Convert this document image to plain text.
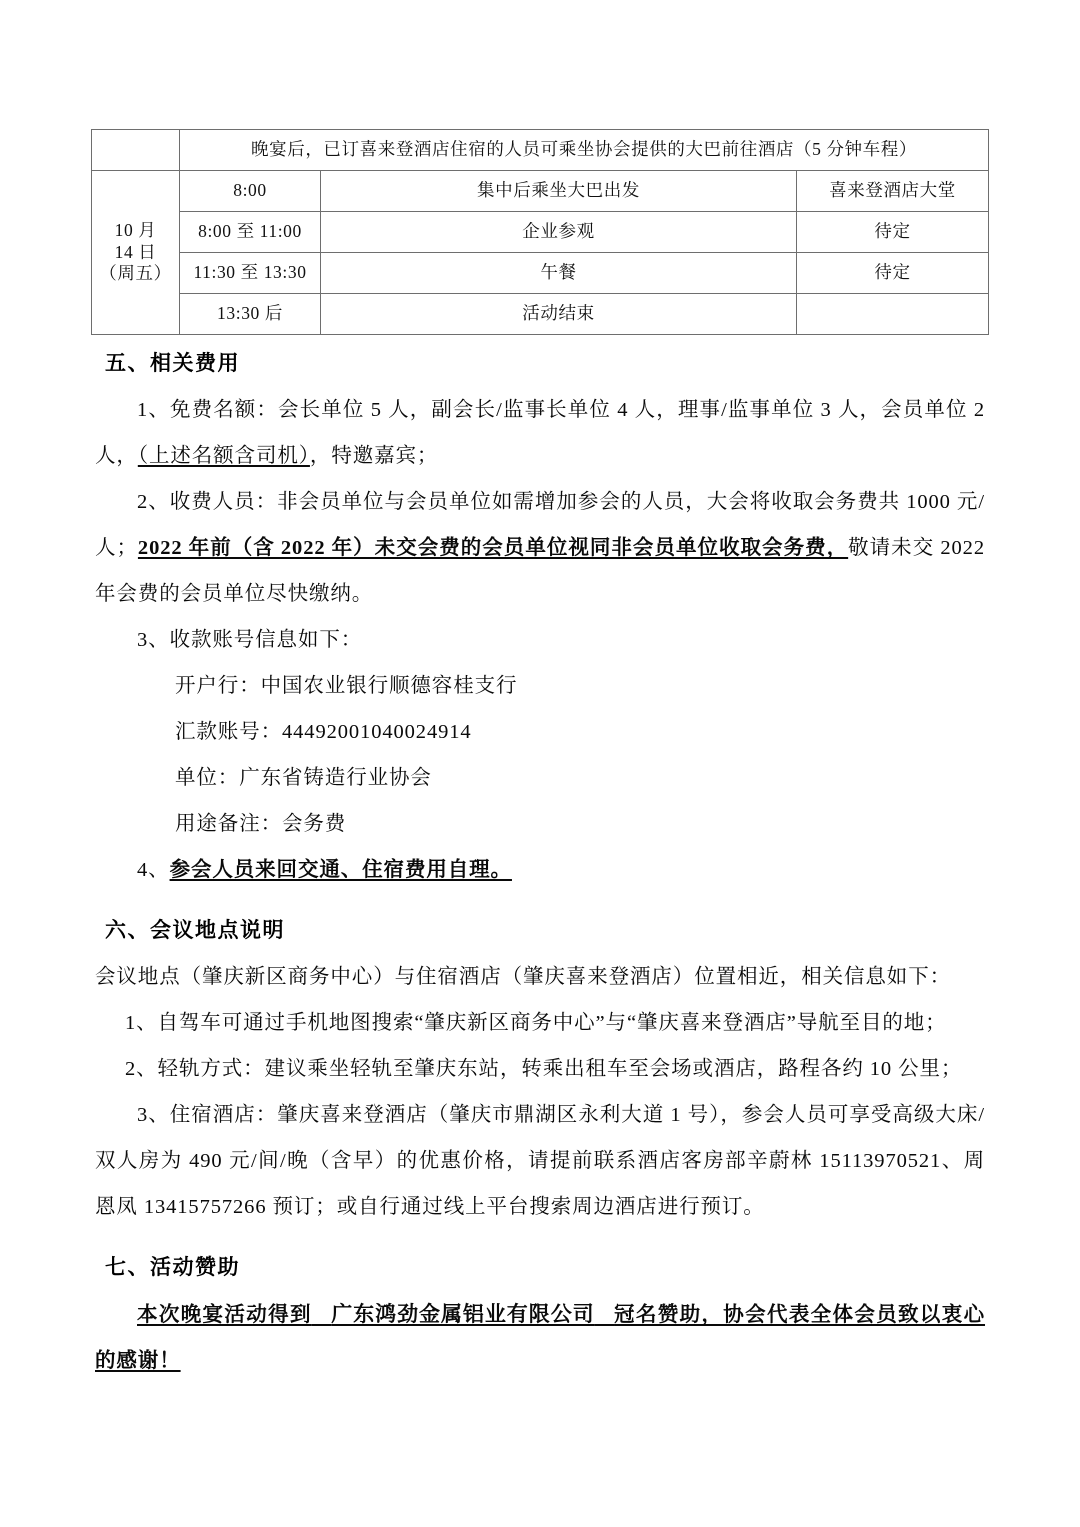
	晚宴后，已订喜来登酒店住宿的人员可乘坐协会提供的大巴前往酒店（5 分钟车程）		

10 月
14 日
（周五）	8:00	集中后乘坐大巴出发	喜来登酒店大堂
	8:00 至 11:00	企业参观	待定
	11:30 至 13:30	午餐	待定
	13:30 后	活动结束	
五、相关费用

1、免费名额：会长单位 5 人，副会长/监事长单位 4 人，理事/监事单位 3 人，会员单位 2 人，（上述名额含司机），特邀嘉宾；

2、收费人员：非会员单位与会员单位如需增加参会的人员，大会将收取会务费共 1000 元/人；2022 年前（含 2022 年）未交会费的会员单位视同非会员单位收取会务费，敬请未交 2022 年会费的会员单位尽快缴纳。

3、收款账号信息如下：

开户行：中国农业银行顺德容桂支行

汇款账号：44492001040024914

单位：广东省铸造行业协会

用途备注：会务费

4、参会人员来回交通、住宿费用自理。

六、会议地点说明

会议地点（肇庆新区商务中心）与住宿酒店（肇庆喜来登酒店）位置相近，相关信息如下：

1、自驾车可通过手机地图搜索“肇庆新区商务中心”与“肇庆喜来登酒店”导航至目的地；

2、轻轨方式：建议乘坐轻轨至肇庆东站，转乘出租车至会场或酒店，路程各约 10 公里；

3、住宿酒店：肇庆喜来登酒店（肇庆市鼎湖区永利大道 1 号），参会人员可享受高级大床/双人房为 490 元/间/晚（含早）的优惠价格，请提前联系酒店客房部辛蔚林 15113970521、周恩凤 13415757266 预订；或自行通过线上平台搜索周边酒店进行预订。

七、活动赞助

本次晚宴活动得到 广东鸿劲金属铝业有限公司 冠名赞助，协会代表全体会员致以衷心的感谢！
